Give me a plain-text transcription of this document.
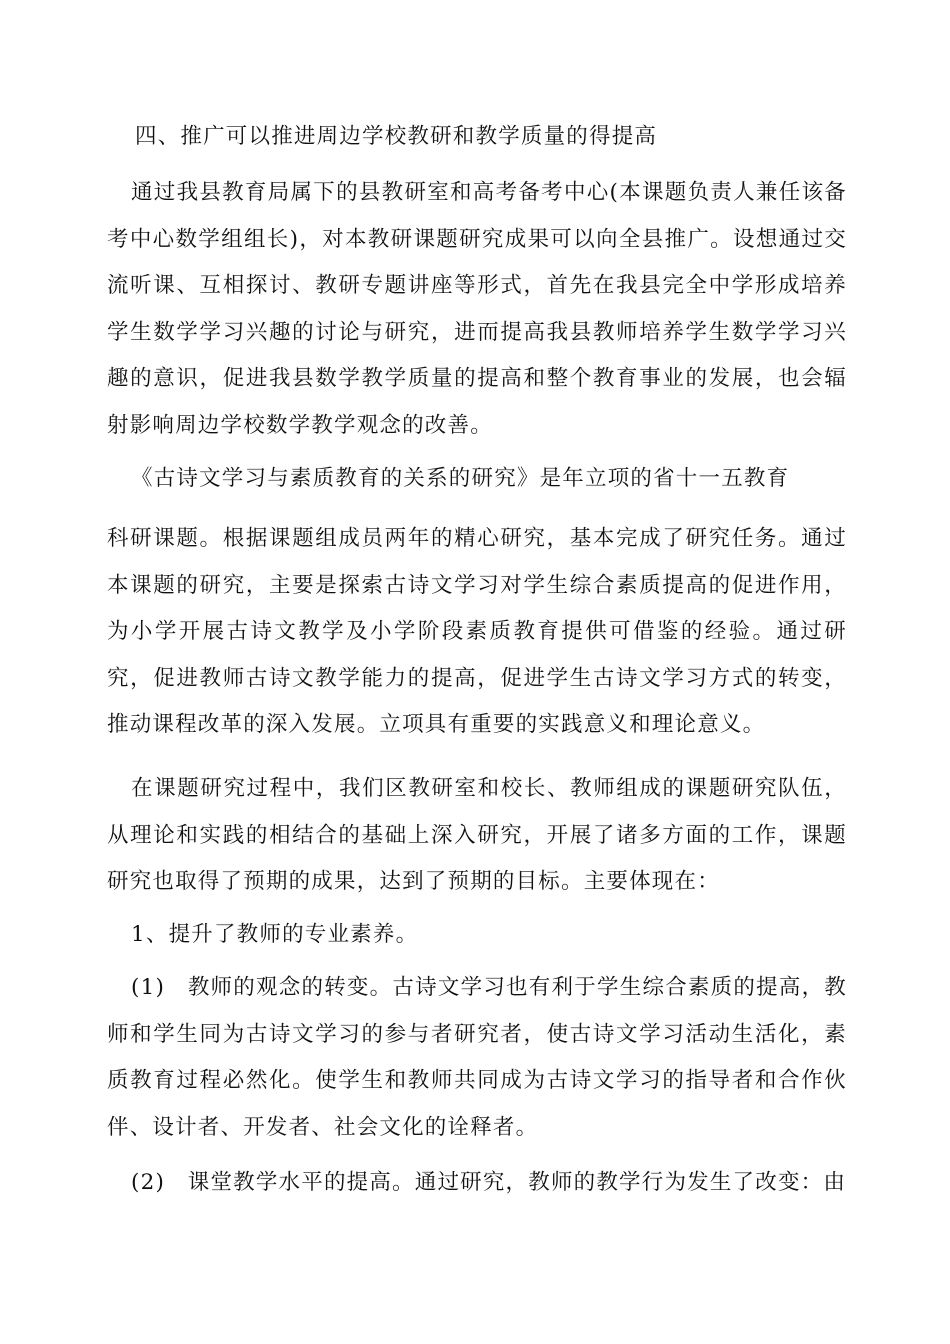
四、推广可以推进周边学校教研和教学质量的得提高

通过我县教育局属下的县教研室和高考备考中心(本课题负责人兼任该备考中心数学组组长)，对本教研课题研究成果可以向全县推广。设想通过交流听课、互相探讨、教研专题讲座等形式，首先在我县完全中学形成培养学生数学学习兴趣的讨论与研究，进而提高我县教师培养学生数学学习兴趣的意识，促进我县数学教学质量的提高和整个教育事业的发展，也会辐射影响周边学校数学教学观念的改善。

《古诗文学习与素质教育的关系的研究》是年立项的省十一五教育

科研课题。根据课题组成员两年的精心研究，基本完成了研究任务。通过本课题的研究，主要是探索古诗文学习对学生综合素质提高的促进作用，为小学开展古诗文教学及小学阶段素质教育提供可借鉴的经验。通过研究，促进教师古诗文教学能力的提高，促进学生古诗文学习方式的转变，推动课程改革的深入发展。立项具有重要的实践意义和理论意义。

在课题研究过程中，我们区教研室和校长、教师组成的课题研究队伍，从理论和实践的相结合的基础上深入研究，开展了诸多方面的工作，课题研究也取得了预期的成果，达到了预期的目标。主要体现在：

1、提升了教师的专业素养。

(1)　教师的观念的转变。古诗文学习也有利于学生综合素质的提高，教师和学生同为古诗文学习的参与者研究者，使古诗文学习活动生活化，素质教育过程必然化。使学生和教师共同成为古诗文学习的指导者和合作伙伴、设计者、开发者、社会文化的诠释者。

(2)　课堂教学水平的提高。通过研究，教师的教学行为发生了改变：由
